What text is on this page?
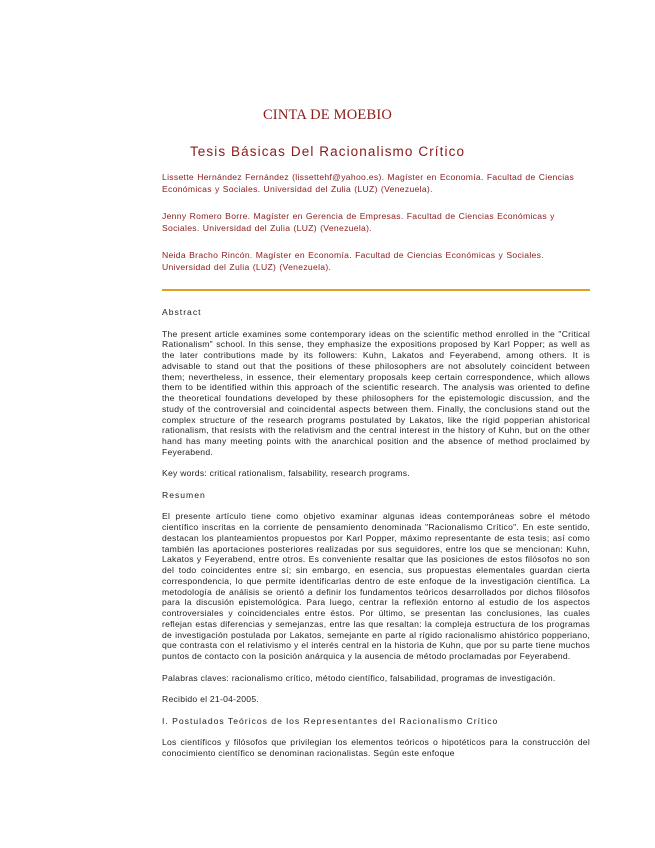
CINTA DE MOEBIO
Tesis Básicas Del Racionalismo Crítico

Lissette Hernández Fernández (lissettehf@yahoo.es). Magíster en Economía. Facultad de Ciencias Económicas y Sociales. Universidad del Zulia (LUZ) (Venezuela).

Jenny Romero Borre. Magíster en Gerencia de Empresas. Facultad de Ciencias Económicas y Sociales. Universidad del Zulia (LUZ) (Venezuela).

Neida Bracho Rincón. Magíster en Economía. Facultad de Ciencias Económicas y Sociales. Universidad del Zulia (LUZ) (Venezuela).

Abstract

The present article examines some contemporary ideas on the scientific method enrolled in the "Critical Rationalism" school. In this sense, they emphasize the expositions proposed by Karl Popper; as well as the later contributions made by its followers: Kuhn, Lakatos and Feyerabend, among others. It is advisable to stand out that the positions of these philosophers are not absolutely coincident between them; nevertheless, in essence, their elementary proposals keep certain correspondence, which allows them to be identified within this approach of the scientific research. The analysis was oriented to define the theoretical foundations developed by these philosophers for the epistemologic discussion, and the study of the controversial and coincidental aspects between them. Finally, the conclusions stand out the complex structure of the research programs postulated by Lakatos, like the rigid popperian ahistorical rationalism, that resists with the relativism and the central interest in the history of Kuhn, but on the other hand has many meeting points with the anarchical position and the absence of method proclaimed by Feyerabend.

Key words: critical rationalism, falsability, research programs.

Resumen

El presente artículo tiene como objetivo examinar algunas ideas contemporáneas sobre el método científico inscritas en la corriente de pensamiento denominada "Racionalismo Crítico". En este sentido, destacan los planteamientos propuestos por Karl Popper, máximo representante de esta tesis; así como también las aportaciones posteriores realizadas por sus seguidores, entre los que se mencionan: Kuhn, Lakatos y Feyerabend, entre otros. Es conveniente resaltar que las posiciones de estos filósofos no son del todo coincidentes entre sí; sin embargo, en esencia, sus propuestas elementales guardan cierta correspondencia, lo que permite identificarlas dentro de este enfoque de la investigación científica. La metodología de análisis se orientó a definir los fundamentos teóricos desarrollados por dichos filósofos para la discusión epistemológica. Para luego, centrar la reflexión entorno al estudio de los aspectos controversiales y coincidenciales entre éstos. Por último, se presentan las conclusiones, las cuales reflejan estas diferencias y semejanzas, entre las que resaltan: la compleja estructura de los programas de investigación postulada por Lakatos, semejante en parte al rígido racionalismo ahistórico popperiano, que contrasta con el relativismo y el interés central en la historia de Kuhn, que por su parte tiene muchos puntos de contacto con la posición anárquica y la ausencia de método proclamadas por Feyerabend.

Palabras claves: racionalismo crítico, método científico, falsabilidad, programas de investigación.

Recibido el 21-04-2005.

I. Postulados Teóricos de los Representantes del Racionalismo Crítico

Los científicos y filósofos que privilegian los elementos teóricos o hipotéticos para la construcción del conocimiento científico se denominan racionalistas. Según este enfoque
